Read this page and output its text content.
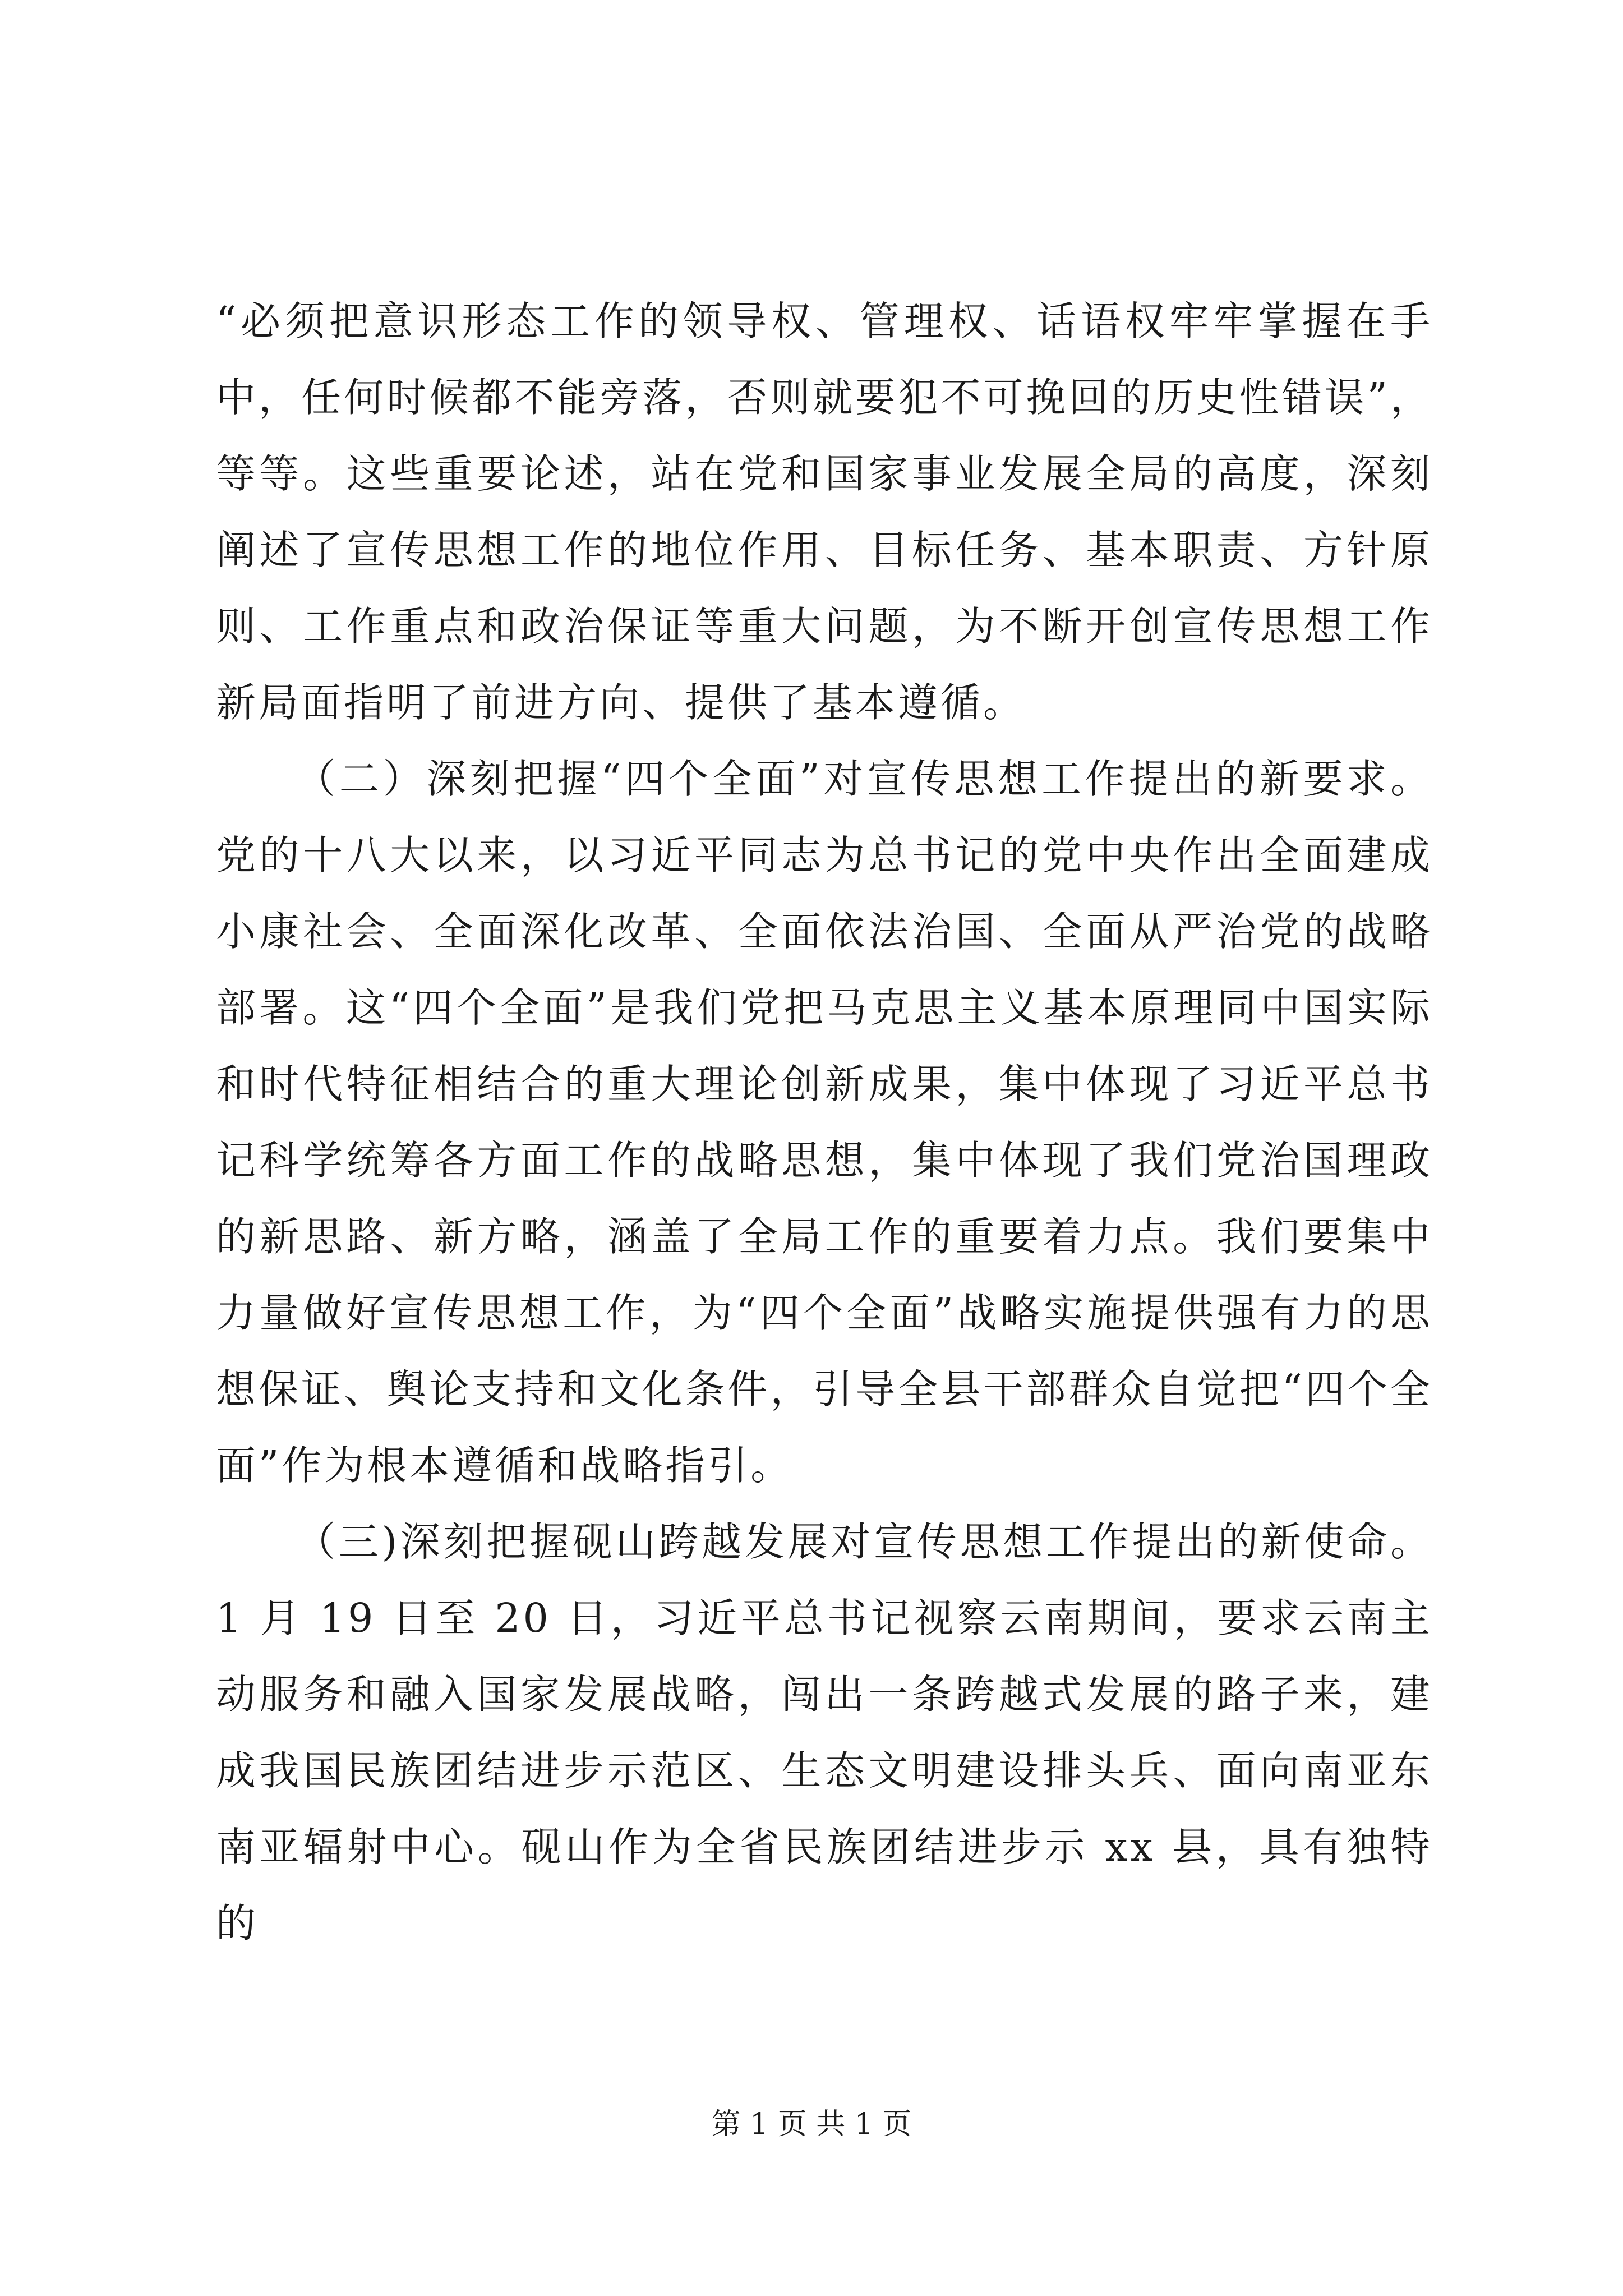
“必须把意识形态工作的领导权、管理权、话语权牢牢掌握在手中，任何时候都不能旁落，否则就要犯不可挽回的历史性错误”，等等。这些重要论述，站在党和国家事业发展全局的高度，深刻阐述了宣传思想工作的地位作用、目标任务、基本职责、方针原则、工作重点和政治保证等重大问题，为不断开创宣传思想工作新局面指明了前进方向、提供了基本遵循。

（二）深刻把握“四个全面”对宣传思想工作提出的新要求。党的十八大以来，以习近平同志为总书记的党中央作出全面建成小康社会、全面深化改革、全面依法治国、全面从严治党的战略部署。这“四个全面”是我们党把马克思主义基本原理同中国实际和时代特征相结合的重大理论创新成果，集中体现了习近平总书记科学统筹各方面工作的战略思想，集中体现了我们党治国理政的新思路、新方略，涵盖了全局工作的重要着力点。我们要集中力量做好宣传思想工作，为“四个全面”战略实施提供强有力的思想保证、舆论支持和文化条件，引导全县干部群众自觉把“四个全面”作为根本遵循和战略指引。

（三)深刻把握砚山跨越发展对宣传思想工作提出的新使命。1 月 19 日至 20 日，习近平总书记视察云南期间，要求云南主动服务和融入国家发展战略，闯出一条跨越式发展的路子来，建成我国民族团结进步示范区、生态文明建设排头兵、面向南亚东南亚辐射中心。砚山作为全省民族团结进步示 xx 县，具有独特的

第 1 页 共 1 页
